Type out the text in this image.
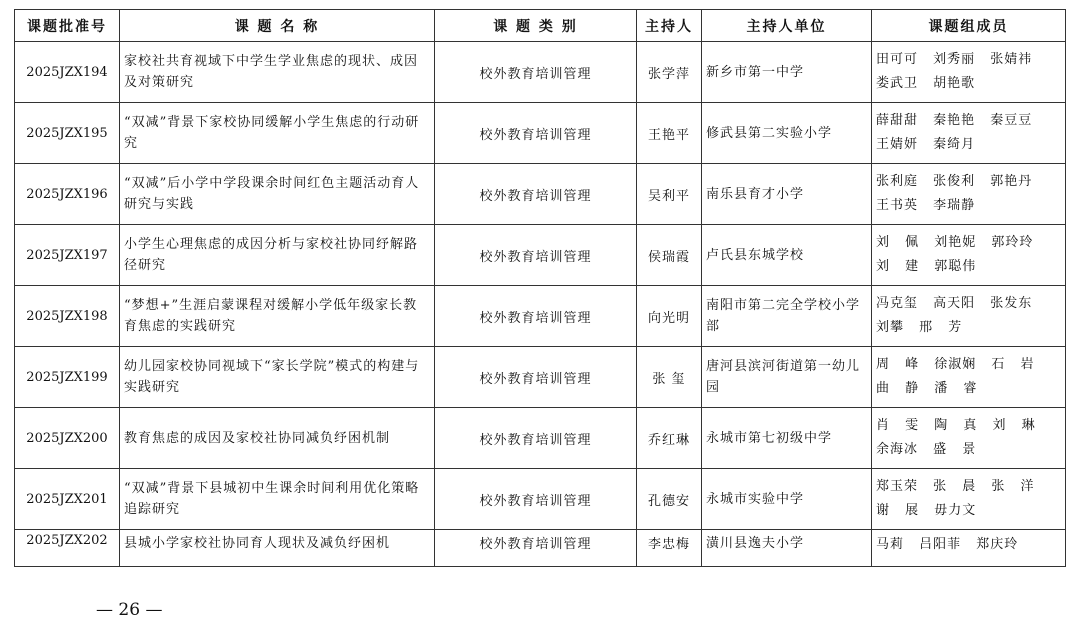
课题批准号	课 题 名 称	课 题 类 别	主持人	主持人单位	课题组成员
2025JZX194	家校社共育视域下中学生学业焦虑的现状、成因及对策研究	校外教育培训管理	张学萍	新乡市第一中学	田可可 刘秀丽 张婧祎
娄武卫 胡艳歌

2025JZX195	“双减”背景下家校协同缓解小学生焦虑的行动研究	校外教育培训管理	王艳平	修武县第二实验小学	薛甜甜 秦艳艳 秦豆豆
王婧妍 秦绮月

2025JZX196	“双减”后小学中学段课余时间红色主题活动育人研究与实践	校外教育培训管理	吴利平	南乐县育才小学	张利庭 张俊利 郭艳丹
王书英 李瑞静

2025JZX197	小学生心理焦虑的成因分析与家校社协同纾解路径研究	校外教育培训管理	侯瑞霞	卢氏县东城学校	刘 佩 刘艳妮 郭玲玲
刘 建 郭聪伟

2025JZX198	“梦想+”生涯启蒙课程对缓解小学低年级家长教育焦虑的实践研究	校外教育培训管理	向光明	南阳市第二完全学校小学部	冯克玺 高天阳 张发东
刘攀 邢 芳

2025JZX199	幼儿园家校协同视域下“家长学院”模式的构建与实践研究	校外教育培训管理	张 玺	唐河县滨河街道第一幼儿园	周 峰 徐淑娴 石 岩
曲 静 潘 睿

2025JZX200	教育焦虑的成因及家校社协同减负纾困机制	校外教育培训管理	乔红琳	永城市第七初级中学	肖 雯 陶 真 刘 琳
余海冰 盛 景

2025JZX201	“双减”背景下县城初中生课余时间利用优化策略追踪研究	校外教育培训管理	孔德安	永城市实验中学	郑玉荣 张 晨 张 洋
谢 展 毋力文

2025JZX202	县城小学家校社协同育人现状及减负纾困机	校外教育培训管理	李忠梅	潢川县逸夫小学	马莉 吕阳菲 郑庆玲
— 26 —
